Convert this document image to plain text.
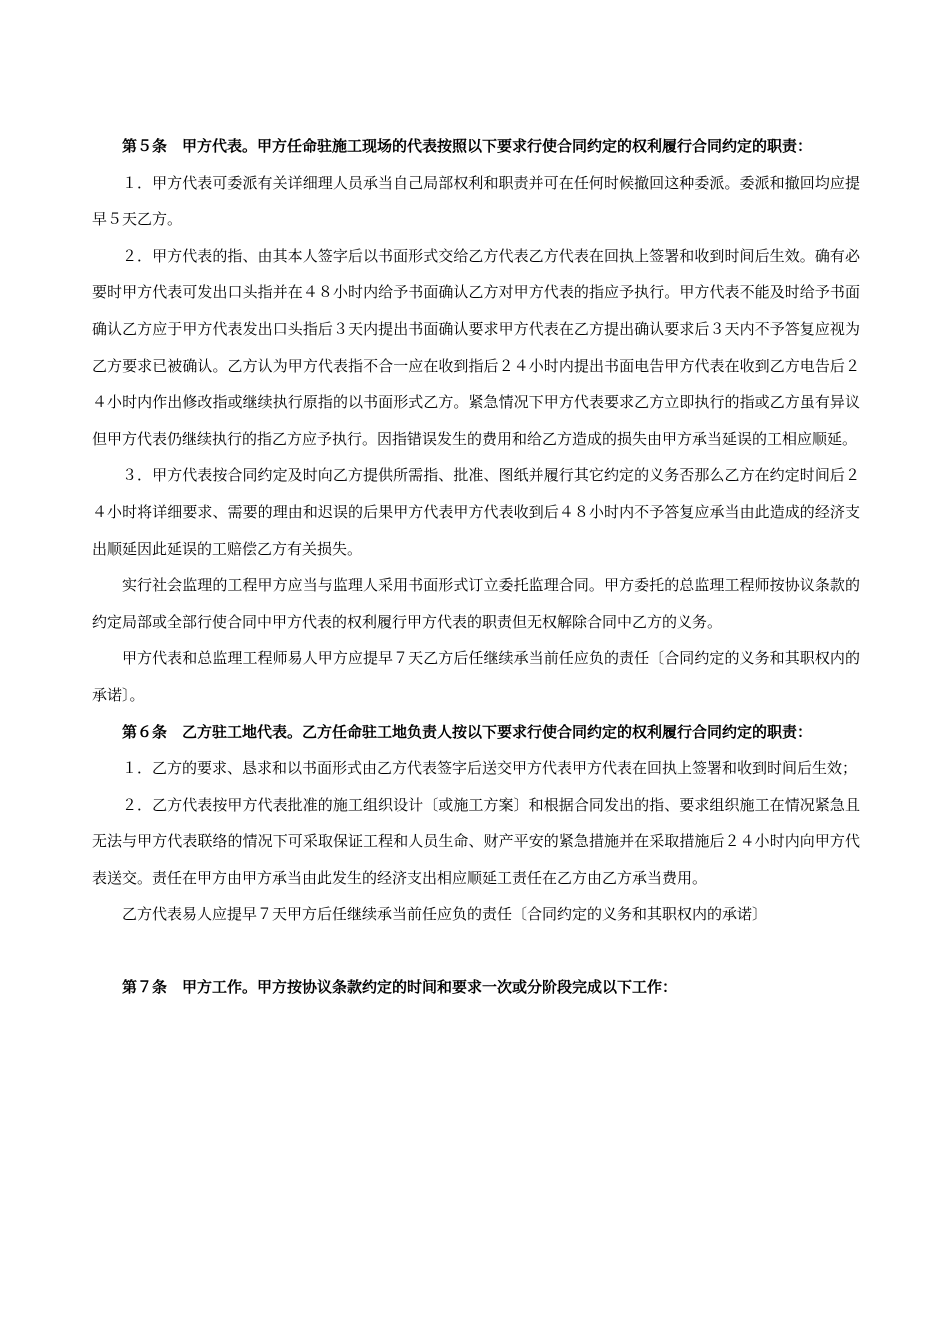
第５条　甲方代表。甲方任命驻施工现场的代表按照以下要求行使合同约定的权利履行合同约定的职责：

１．甲方代表可委派有关详细理人员承当自己局部权利和职责并可在任何时候撤回这种委派。委派和撤回均应提早５天乙方。

２．甲方代表的指、由其本人签字后以书面形式交给乙方代表乙方代表在回执上签署和收到时间后生效。确有必要时甲方代表可发出口头指并在４８小时内给予书面确认乙方对甲方代表的指应予执行。甲方代表不能及时给予书面确认乙方应于甲方代表发出口头指后３天内提出书面确认要求甲方代表在乙方提出确认要求后３天内不予答复应视为乙方要求已被确认。乙方认为甲方代表指不合一应在收到指后２４小时内提出书面电告甲方代表在收到乙方电告后２４小时内作出修改指或继续执行原指的以书面形式乙方。紧急情况下甲方代表要求乙方立即执行的指或乙方虽有异议但甲方代表仍继续执行的指乙方应予执行。因指错误发生的费用和给乙方造成的损失由甲方承当延误的工相应顺延。

３．甲方代表按合同约定及时向乙方提供所需指、批准、图纸并履行其它约定的义务否那么乙方在约定时间后２４小时将详细要求、需要的理由和迟误的后果甲方代表甲方代表收到后４８小时内不予答复应承当由此造成的经济支出顺延因此延误的工赔偿乙方有关损失。

实行社会监理的工程甲方应当与监理人采用书面形式订立委托监理合同。甲方委托的总监理工程师按协议条款的约定局部或全部行使合同中甲方代表的权利履行甲方代表的职责但无权解除合同中乙方的义务。

甲方代表和总监理工程师易人甲方应提早７天乙方后任继续承当前任应负的责任〔合同约定的义务和其职权内的承诺〕。

第６条　乙方驻工地代表。乙方任命驻工地负责人按以下要求行使合同约定的权利履行合同约定的职责：

１．乙方的要求、恳求和以书面形式由乙方代表签字后送交甲方代表甲方代表在回执上签署和收到时间后生效；

２．乙方代表按甲方代表批准的施工组织设计〔或施工方案〕和根据合同发出的指、要求组织施工在情况紧急且无法与甲方代表联络的情况下可采取保证工程和人员生命、财产平安的紧急措施并在采取措施后２４小时内向甲方代表送交。责任在甲方由甲方承当由此发生的经济支出相应顺延工责任在乙方由乙方承当费用。

乙方代表易人应提早７天甲方后任继续承当前任应负的责任〔合同约定的义务和其职权内的承诺〕

第７条　甲方工作。甲方按协议条款约定的时间和要求一次或分阶段完成以下工作：
